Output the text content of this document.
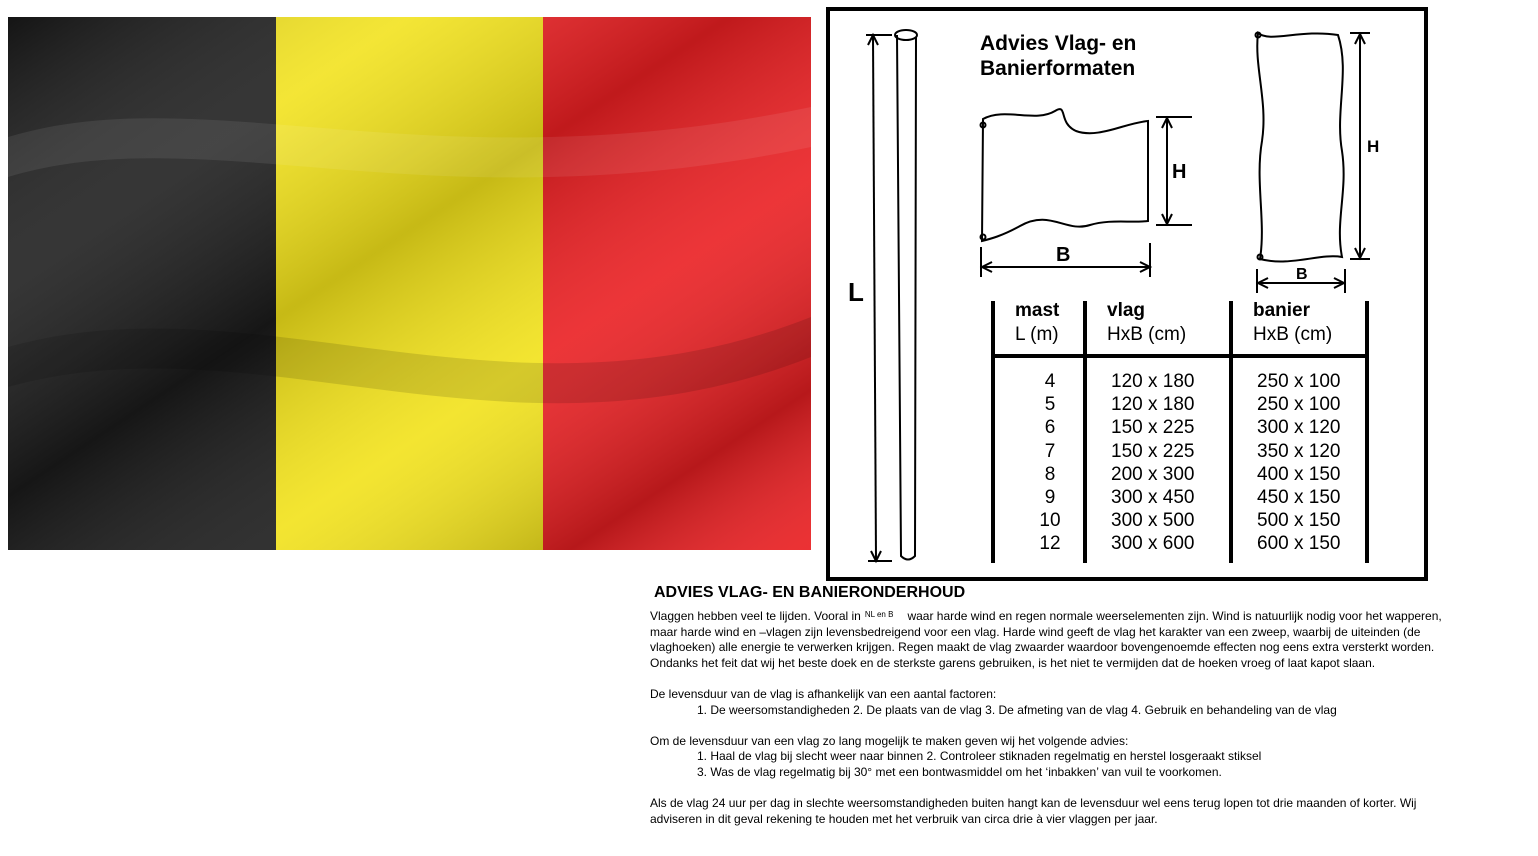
Advies Vlag- en
Banierformaten
L
H
B
H
B
mast
L (m)
vlag
HxB (cm)
banier
HxB (cm)
4
5
6
7
8
9
10
12
120 x 180
120 x 180
150 x 225
150 x 225
200 x 300
300 x 450
300 x 500
300 x 600
250 x 100
250 x 100
300 x 120
350 x 120
400 x 150
450 x 150
500 x 150
600 x 150
ADVIES VLAG- EN BANIERONDERHOUD

Vlaggen hebben veel te lijden. Vooral in $^{NL en B}$ waar harde wind en regen normale weerselementen zijn. Wind is natuurlijk nodig voor het wapperen,
maar harde wind en –vlagen zijn levensbedreigend voor een vlag. Harde wind geeft de vlag het karakter van een zweep, waarbij de uiteinden (de
vlaghoeken) alle energie te verwerken krijgen. Regen maakt de vlag zwaarder waardoor bovengenoemde effecten nog eens extra versterkt worden.
Ondanks het feit dat wij het beste doek en de sterkste garens gebruiken, is het niet te vermijden dat de hoeken vroeg of laat kapot slaan.

De levensduur van de vlag is afhankelijk van een aantal factoren:
1. De weersomstandigheden 2. De plaats van de vlag 3. De afmeting van de vlag 4. Gebruik en behandeling van de vlag

Om de levensduur van een vlag zo lang mogelijk te maken geven wij het volgende advies:
1. Haal de vlag bij slecht weer naar binnen 2. Controleer stiknaden regelmatig en herstel losgeraakt stiksel
3. Was de vlag regelmatig bij 30° met een bontwasmiddel om het ‘inbakken’ van vuil te voorkomen.

Als de vlag 24 uur per dag in slechte weersomstandigheden buiten hangt kan de levensduur wel eens terug lopen tot drie maanden of korter. Wij
adviseren in dit geval rekening te houden met het verbruik van circa drie à vier vlaggen per jaar.
